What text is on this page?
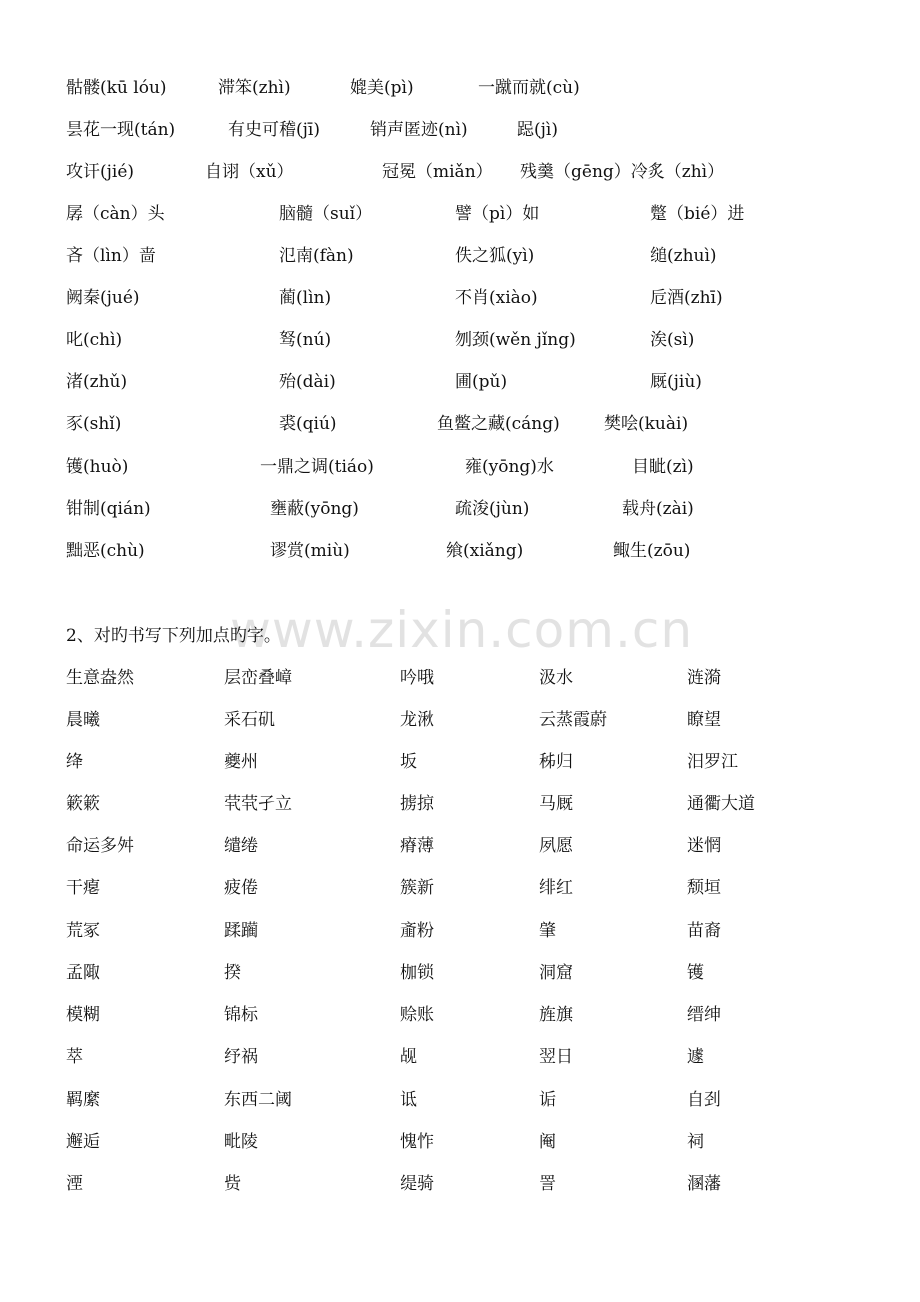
骷髅(kū lóu)	滞笨(zhì)	媲美(pì)	一蹴而就(cù)
昙花一现(tán)	有史可稽(jī)	销声匿迹(nì)	跽(jì)
攻讦(jié)	自诩（xǔ）	冠冕（miǎn） 残羹（gēng）冷炙（zhì）
孱（càn）头	脑髓（suǐ）	譬（pì）如	蹩（bié）进
吝（lìn）啬	氾南(fàn)	佚之狐(yì)	缒(zhuì)
阙秦(jué)	蔺(lìn)	不肖(xiào)	卮酒(zhī)
叱(chì)	驽(nú)	刎颈(wěn jǐng)	涘(sì)
渚(zhǔ)	殆(dài)	圃(pǔ)	厩(jiù)
豕(shǐ)	裘(qiú)	鱼鳖之藏(cáng)	樊哙(kuài)
镬(huò)	一鼎之调(tiáo)	雍(yōng)水	目眦(zì)
钳制(qián)	壅蔽(yōng)	疏浚(jùn)	载舟(zài)
黜恶(chù)	谬赏(miù)	飨(xiǎng)	鲰生(zōu)
www.zixin.com.cn
2、对旳书写下列加点旳字。
生意盎然	层峦叠嶂	吟哦	汲水	涟漪
晨曦	采石矶	龙湫	云蒸霞蔚	瞭望
绛	夔州	坂	秭归	汨罗江
簌簌	茕茕孑立	掳掠	马厩	通衢大道
命运多舛	缱绻	瘠薄	夙愿	迷惘
干瘪	疲倦	簇新	绯红	颓垣
荒冢	蹂躏	齑粉	肇	苗裔
孟陬	揆	枷锁	洞窟	镬
模糊	锦标	赊账	旌旗	缙绅
萃	纾祸	觇	翌日	遽
羁縻	东西二阈	诋	诟	自刭
邂逅	毗陵	愧怍	阉	祠
湮	赀	缇骑	詈	溷藩
